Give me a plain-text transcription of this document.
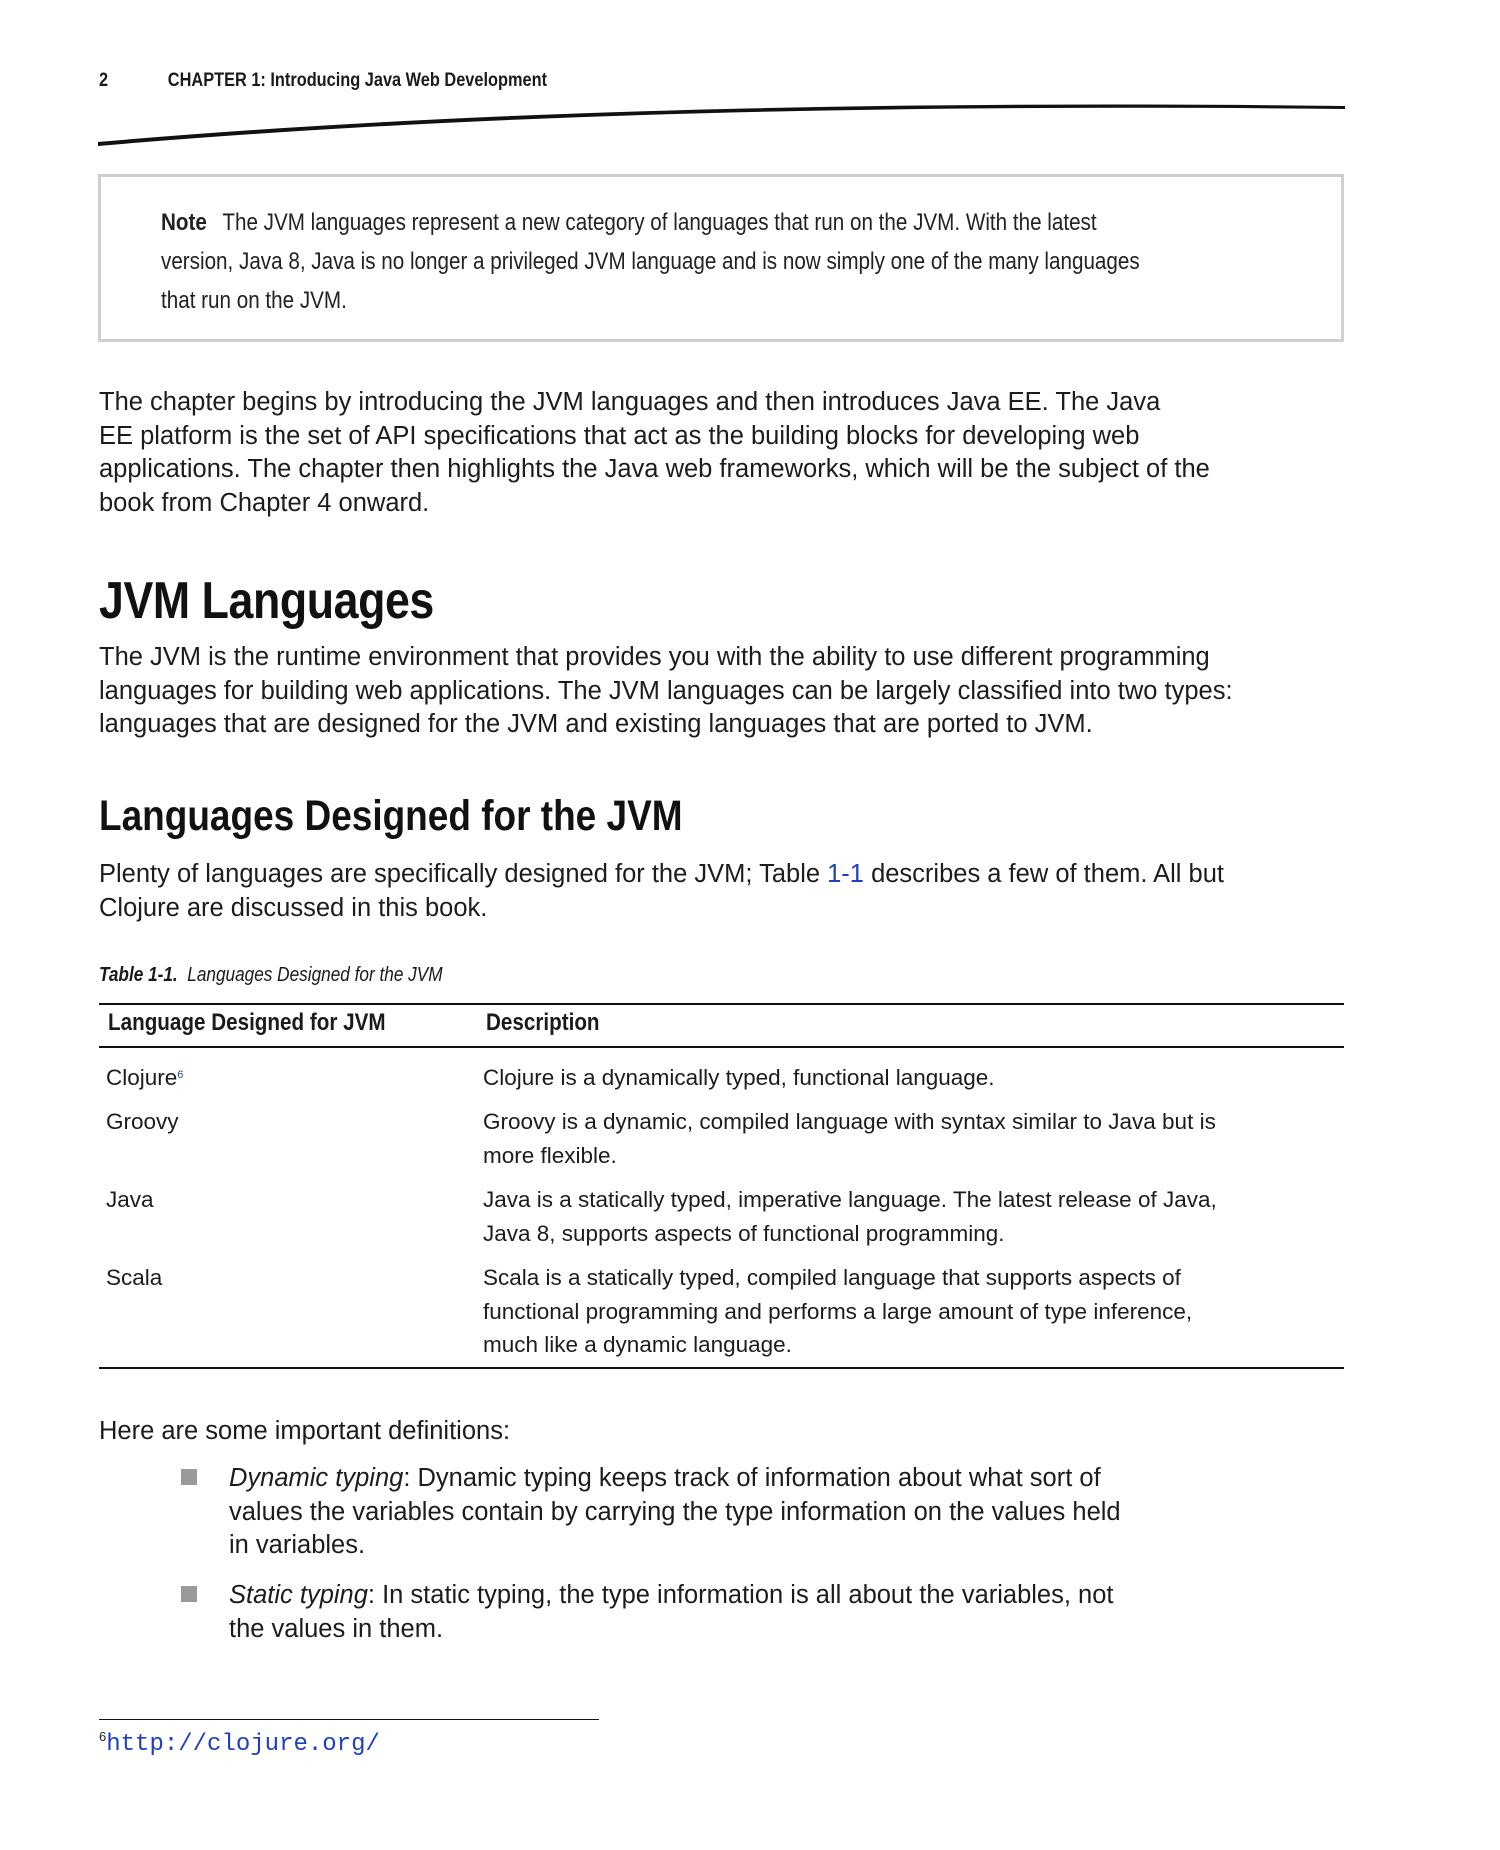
2	CHAPTER 1: Introducing Java Web Development
Note The JVM languages represent a new category of languages that run on the JVM. With the latest
version, Java 8, Java is no longer a privileged JVM language and is now simply one of the many languages
that run on the JVM.
The chapter begins by introducing the JVM languages and then introduces Java EE. The Java
EE platform is the set of API specifications that act as the building blocks for developing web
applications. The chapter then highlights the Java web frameworks, which will be the subject of the
book from Chapter 4 onward.
JVM Languages
The JVM is the runtime environment that provides you with the ability to use different programming
languages for building web applications. The JVM languages can be largely classified into two types:
languages that are designed for the JVM and existing languages that are ported to JVM.
Languages Designed for the JVM
Plenty of languages are specifically designed for the JVM; Table 1-1 describes a few of them. All but
Clojure are discussed in this book.
Table 1-1. Languages Designed for the JVM
Language Designed for JVM	Description
Clojure$^6$	Clojure is a dynamically typed, functional language.
Groovy	Groovy is a dynamic, compiled language with syntax similar to Java but is
more flexible.
Java	Java is a statically typed, imperative language. The latest release of Java,
Java 8, supports aspects of functional programming.
Scala	Scala is a statically typed, compiled language that supports aspects of
functional programming and performs a large amount of type inference,
much like a dynamic language.
Here are some important definitions:
Dynamic typing: Dynamic typing keeps track of information about what sort of
values the variables contain by carrying the type information on the values held
in variables.
Static typing: In static typing, the type information is all about the variables, not
the values in them.
$^6$http://clojure.org/
